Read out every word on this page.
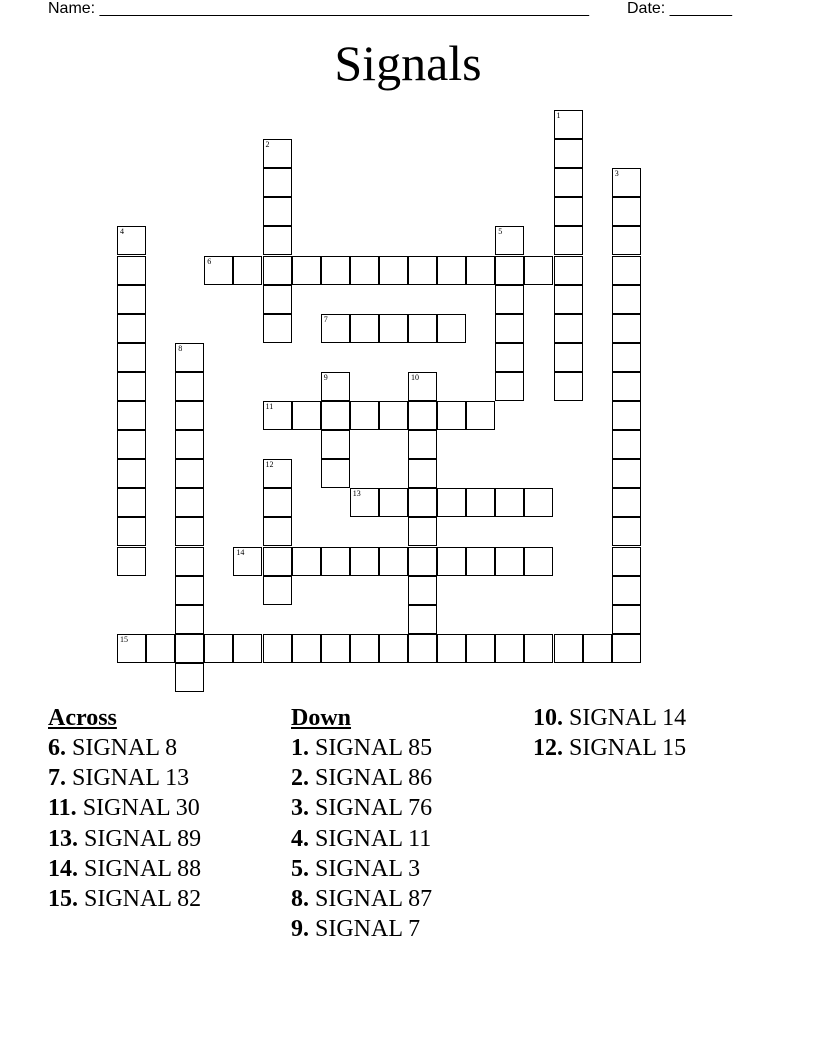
Name: _______________________________________________________ Date: _______
Signals
1
2
3
4	5
6
7
8
9	10
11
12
13
14
15
Across
6. SIGNAL 8
7. SIGNAL 13
11. SIGNAL 30
13. SIGNAL 89
14. SIGNAL 88
15. SIGNAL 82
Down
1. SIGNAL 85
2. SIGNAL 86
3. SIGNAL 76
4. SIGNAL 11
5. SIGNAL 3
8. SIGNAL 87
9. SIGNAL 7
10. SIGNAL 14
12. SIGNAL 15
